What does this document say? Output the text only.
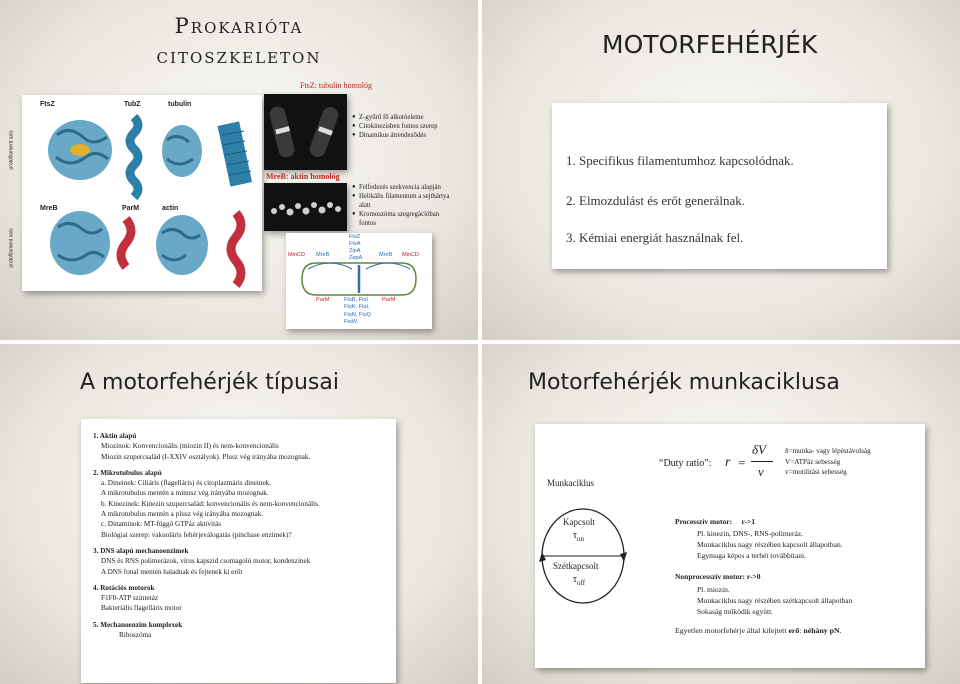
Prokarióta
citoszkeleton
FtsZ: tubulin homológ
FtsZ	TubZ	tubulin
MreB	ParM	actin
protofilament axis
protofilament axis
● Z-gyűrű fő alkotóeleme
● Citokinezisben fontos szerep
● Dinamikus átrendeződés
MreB: aktin homológ
● Felfedezés szekvencia alapján
● Helikális filamentum a sejthártya alatt
● Kromoszóma szegregációban fontos
MinCD MreB
FtsZ
FtsA
ZipA
ZapA	MreB MinCD
ParM	FtsB, FtsI
FtsK, FtsL
FtsN, FtsQ
FtsW
ParM
MOTORFEHÉRJÉK
1. Specifikus filamentumhoz kapcsolódnak.
2. Elmozdulást és erőt generálnak.
3. Kémiai energiát használnak fel.
A motorfehérjék típusai
1. Aktin alapú
Miozinok: Konvencionális (miozin II) és nem-konvencionális
Miozin szupercsalád (I-XXIV osztályok). Plusz vég irányába mozognak.
2. Mikrotubulus alapú
a. Dineinek: Ciliáris (flagelláris) és citoplazmáris dineinek.
A mikrotubulus mentén a minusz vég irányába mozognak.
b. Kinezinek: Kinezin szupercsalád: konvencionális és nem-konvencionális.
A mikrotubulus mentén a plusz vég irányába mozognak.
c. Dinaminok: MT-függő GTPáz aktivitás
Biológiai szerep: vakuoláris fehérjeválogatás (pinchase enzimek)?
3. DNS alapú mechanoenzimek
DNS és RNS polimerázok, vírus kapszid csomagoló motor, kondenzinek
A DNS fonal mentén haladnak és fejtenek ki erőt
4. Rotációs motorok
F1F0-ATP szintetáz
Bakteriális flagelláris motor
5. Mechanoenzim komplexek
Riboszóma
Motorfehérjék munkaciklusa
Munkaciklus
Kapcsolt
$\tau_{on}$
Szétkapcsolt
$\tau_{off}$
“Duty ratio”: r =
δV
v
δ=munka- vagy lépéstávolság
V=ATPáz sebesség
v=motilitási sebesség
Processzív motor:     r->1
Pl. kinezin, DNS-, RNS-polimeráz.
Munkaciklus nagy részében kapcsolt állapotban.
Egymaga képes a terhét továbbítani.
Nonprocesszív motor: r->0
Pl. miozin.
Munkaciklus nagy részében szétkapcsolt állapotban
Sokaság működik együtt.
Egyetlen motorfehérje által kifejtett erő: néhány pN.
